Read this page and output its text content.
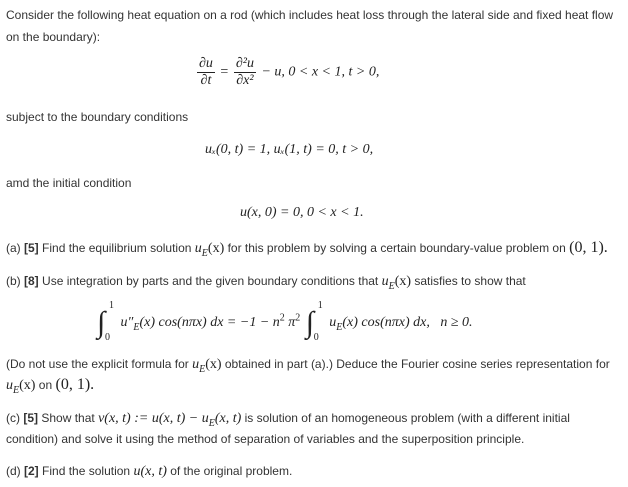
Consider the following heat equation on a rod (which includes heat loss through the lateral side and fixed heat flow
on the boundary):
$\frac{\partial u}{\partial t} = \frac{\text{∂²u}}{\text{∂x²}} - u$, 0 < x < 1, t > 0,
subject to the boundary conditions
uₓ(0, t) = 1, uₓ(1, t) = 0, t > 0,
amd the initial condition
u(x, 0) = 0, 0 < x < 1.
(a) [5] Find the equilibrium solution $u_E(x)$ for this problem by solving a certain boundary-value problem on (0, 1).
(b) [8] Use integration by parts and the given boundary conditions that $u_E(x)$ satisfies to show that
∫
1
0
$u''_E(x)$ cos(nπx) dx = $-1 - n^2$ $\pi^2$ ∫
1
0
$u_E(x)$ cos(nπx) dx, n ≥ 0.
(Do not use the explicit formula for $u_E(x)$ obtained in part (a).) Deduce the Fourier cosine series representation for
$u_E(x)$ on (0, 1).
(c) [5] Show that v(x, t) := u(x, $t) - u_E(x$, t) is solution of an homogeneous problem (with a different initial
condition) and solve it using the method of separation of variables and the superposition principle.
(d) [2] Find the solution u(x, t) of the original problem.
